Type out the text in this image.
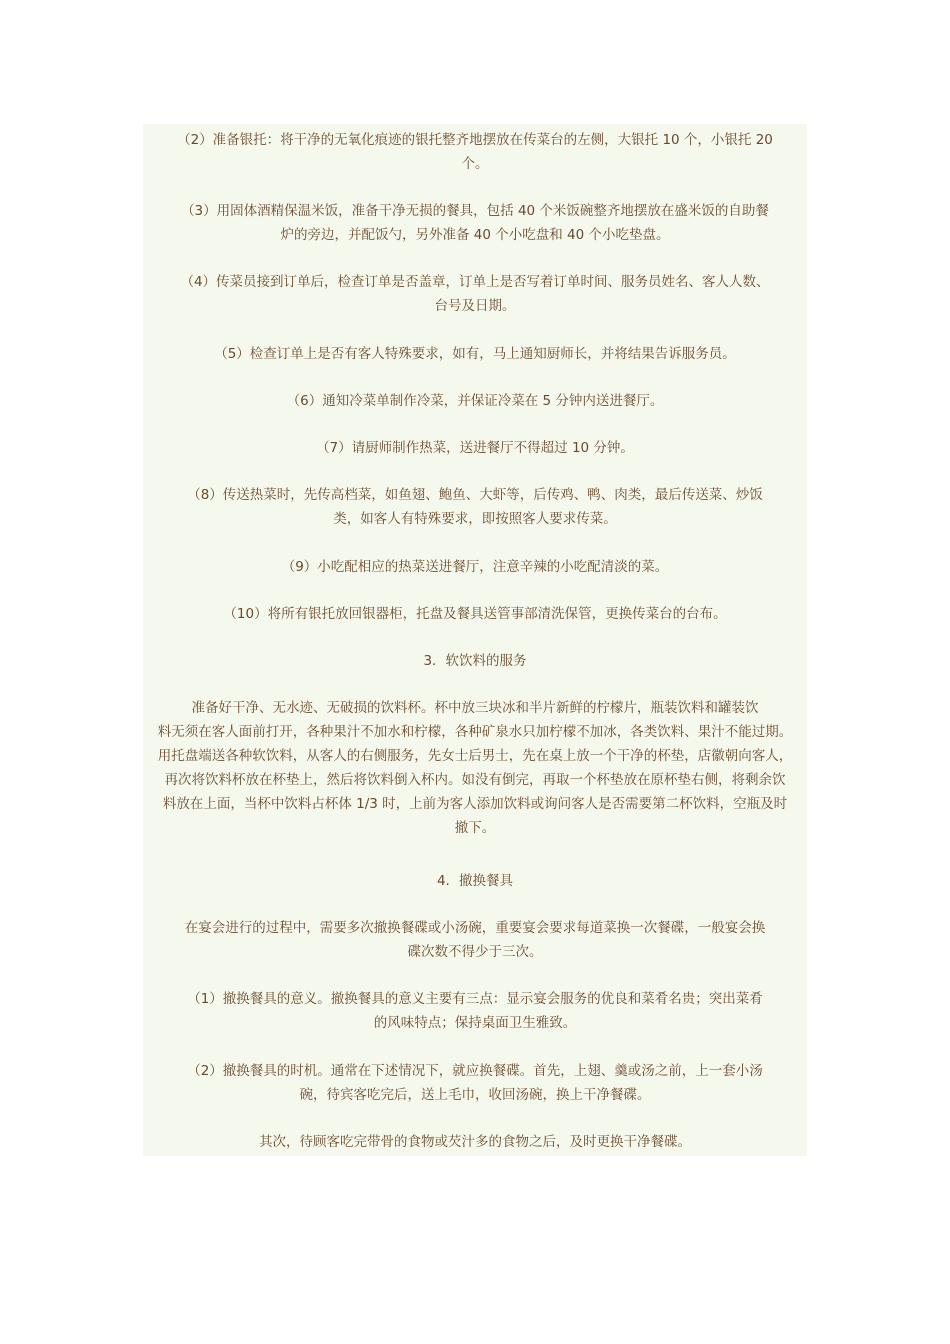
（2）准备银托：将干净的无氧化痕迹的银托整齐地摆放在传菜台的左侧，大银托 10 个，小银托 20
个。
（3）用固体酒精保温米饭，准备干净无损的餐具，包括 40 个米饭碗整齐地摆放在盛米饭的自助餐
炉的旁边，并配饭勺，另外准备 40 个小吃盘和 40 个小吃垫盘。
（4）传菜员接到订单后，检查订单是否盖章，订单上是否写着订单时间、服务员姓名、客人人数、
台号及日期。
（5）检查订单上是否有客人特殊要求，如有，马上通知厨师长，并将结果告诉服务员。
（6）通知冷菜单制作冷菜，并保证冷菜在 5 分钟内送进餐厅。
（7）请厨师制作热菜，送进餐厅不得超过 10 分钟。
（8）传送热菜时，先传高档菜，如鱼翅、鲍鱼、大虾等，后传鸡、鸭、肉类，最后传送菜、炒饭
类，如客人有特殊要求，即按照客人要求传菜。
（9）小吃配相应的热菜送进餐厅，注意辛辣的小吃配清淡的菜。
（10）将所有银托放回银器柜，托盘及餐具送管事部清洗保管，更换传菜台的台布。
3．软饮料的服务
准备好干净、无水迹、无破损的饮料杯。杯中放三块冰和半片新鲜的柠檬片，瓶装饮料和罐装饮
料无须在客人面前打开，各种果汁不加水和柠檬，各种矿泉水只加柠檬不加冰，各类饮料、果汁不能过期。
用托盘端送各种软饮料，从客人的右侧服务，先女士后男士，先在桌上放一个干净的杯垫，店徽朝向客人，
再次将饮料杯放在杯垫上，然后将饮料倒入杯内。如没有倒完，再取一个杯垫放在原杯垫右侧，将剩余饮
料放在上面，当杯中饮料占杯体 1/3 时，上前为客人添加饮料或询问客人是否需要第二杯饮料，空瓶及时
撤下。
4．撤换餐具
在宴会进行的过程中，需要多次撤换餐碟或小汤碗，重要宴会要求每道菜换一次餐碟，一般宴会换
碟次数不得少于三次。
（1）撤换餐具的意义。撤换餐具的意义主要有三点：显示宴会服务的优良和菜肴名贵；突出菜肴
的风味特点；保持桌面卫生雅致。
（2）撤换餐具的时机。通常在下述情况下，就应换餐碟。首先，上翅、羹或汤之前，上一套小汤
碗，待宾客吃完后，送上毛巾，收回汤碗，换上干净餐碟。
其次，待顾客吃完带骨的食物或芡汁多的食物之后，及时更换干净餐碟。
